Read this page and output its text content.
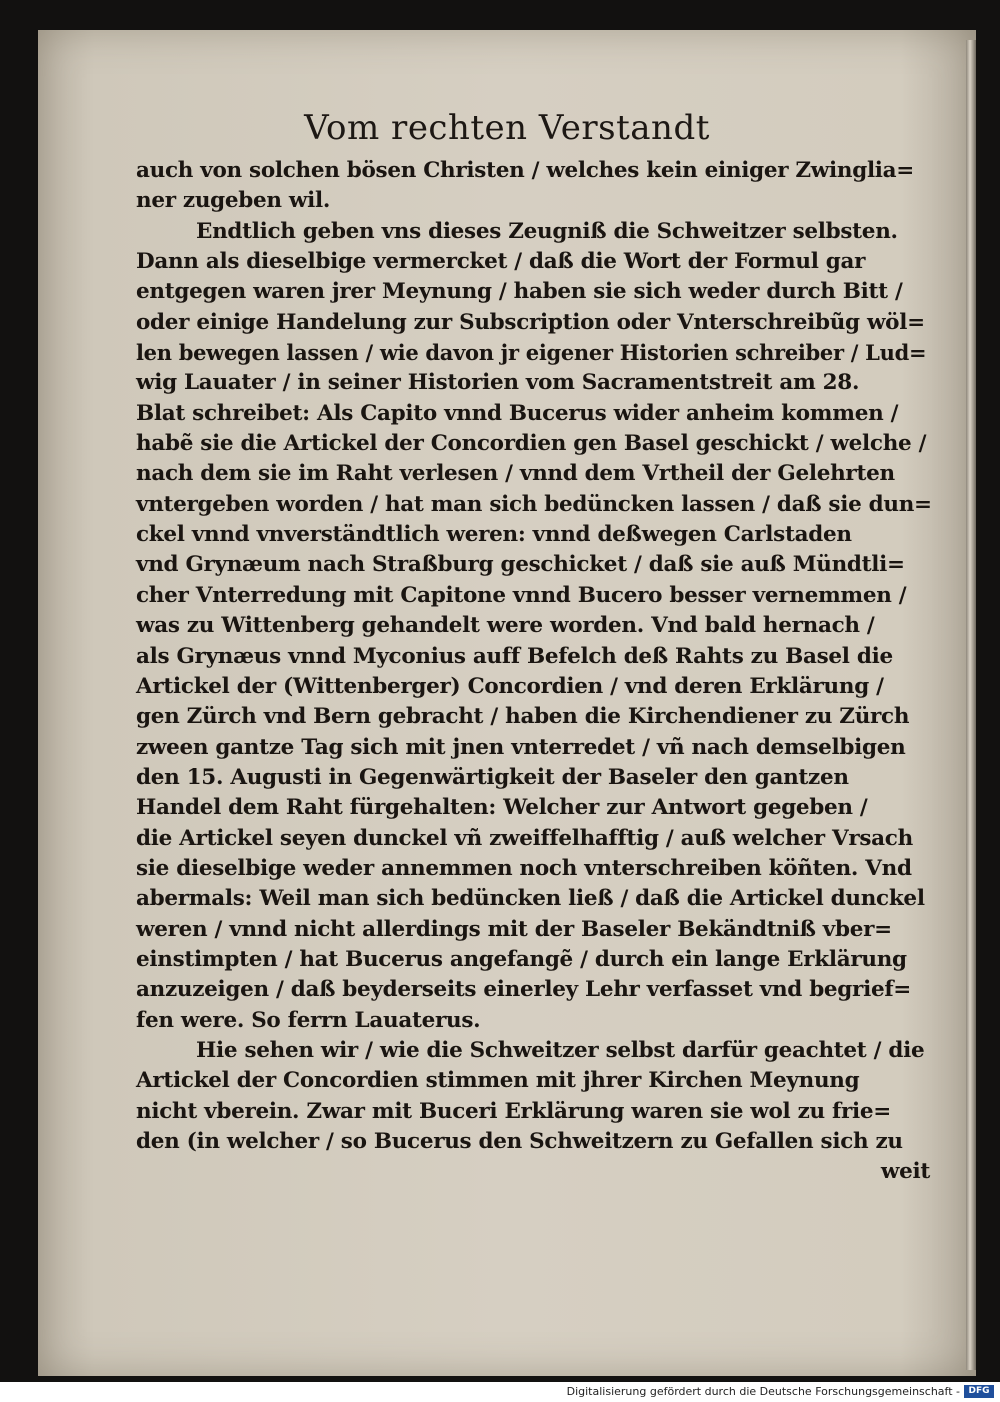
Vom rechten Verstandt
auch von solchen bösen Christen / welches kein einiger Zwinglia=
ner zugeben wil.
Endtlich geben vns dieses Zeugniß die Schweitzer selbsten.
Dann als dieselbige vermercket / daß die Wort der Formul gar
entgegen waren jrer Meynung / haben sie sich weder durch Bitt /
oder einige Handelung zur Subscription oder Vnterschreibũg wöl=
len bewegen lassen / wie davon jr eigener Historien schreiber / Lud=
wig Lauater / in seiner Historien vom Sacramentstreit am 28.
Blat schreibet: Als Capito vnnd Bucerus wider anheim kommen /
habẽ sie die Artickel der Concordien gen Basel geschickt / welche /
nach dem sie im Raht verlesen / vnnd dem Vrtheil der Gelehrten
vntergeben worden / hat man sich bedüncken lassen / daß sie dun=
ckel vnnd vnverständtlich weren: vnnd deßwegen Carlstaden
vnd Grynæum nach Straßburg geschicket / daß sie auß Mündtli=
cher Vnterredung mit Capitone vnnd Bucero besser vernemmen /
was zu Wittenberg gehandelt were worden. Vnd bald hernach /
als Grynæus vnnd Myconius auff Befelch deß Rahts zu Basel die
Artickel der (Wittenberger) Concordien / vnd deren Erklärung /
gen Zürch vnd Bern gebracht / haben die Kirchendiener zu Zürch
zween gantze Tag sich mit jnen vnterredet / vñ nach demselbigen
den 15. Augusti in Gegenwärtigkeit der Baseler den gantzen
Handel dem Raht fürgehalten: Welcher zur Antwort gegeben /
die Artickel seyen dunckel vñ zweiffelhafftig / auß welcher Vrsach
sie dieselbige weder annemmen noch vnterschreiben köñten. Vnd
abermals: Weil man sich bedüncken ließ / daß die Artickel dunckel
weren / vnnd nicht allerdings mit der Baseler Bekändtniß vber=
einstimpten / hat Bucerus angefangẽ / durch ein lange Erklärung
anzuzeigen / daß beyderseits einerley Lehr verfasset vnd begrief=
fen were. So ferrn Lauaterus.
Hie sehen wir / wie die Schweitzer selbst darfür geachtet / die
Artickel der Concordien stimmen mit jhrer Kirchen Meynung
nicht vberein. Zwar mit Buceri Erklärung waren sie wol zu frie=
den (in welcher / so Bucerus den Schweitzern zu Gefallen sich zu
weit
Digitalisierung gefördert durch die Deutsche Forschungsgemeinschaft - DFG
